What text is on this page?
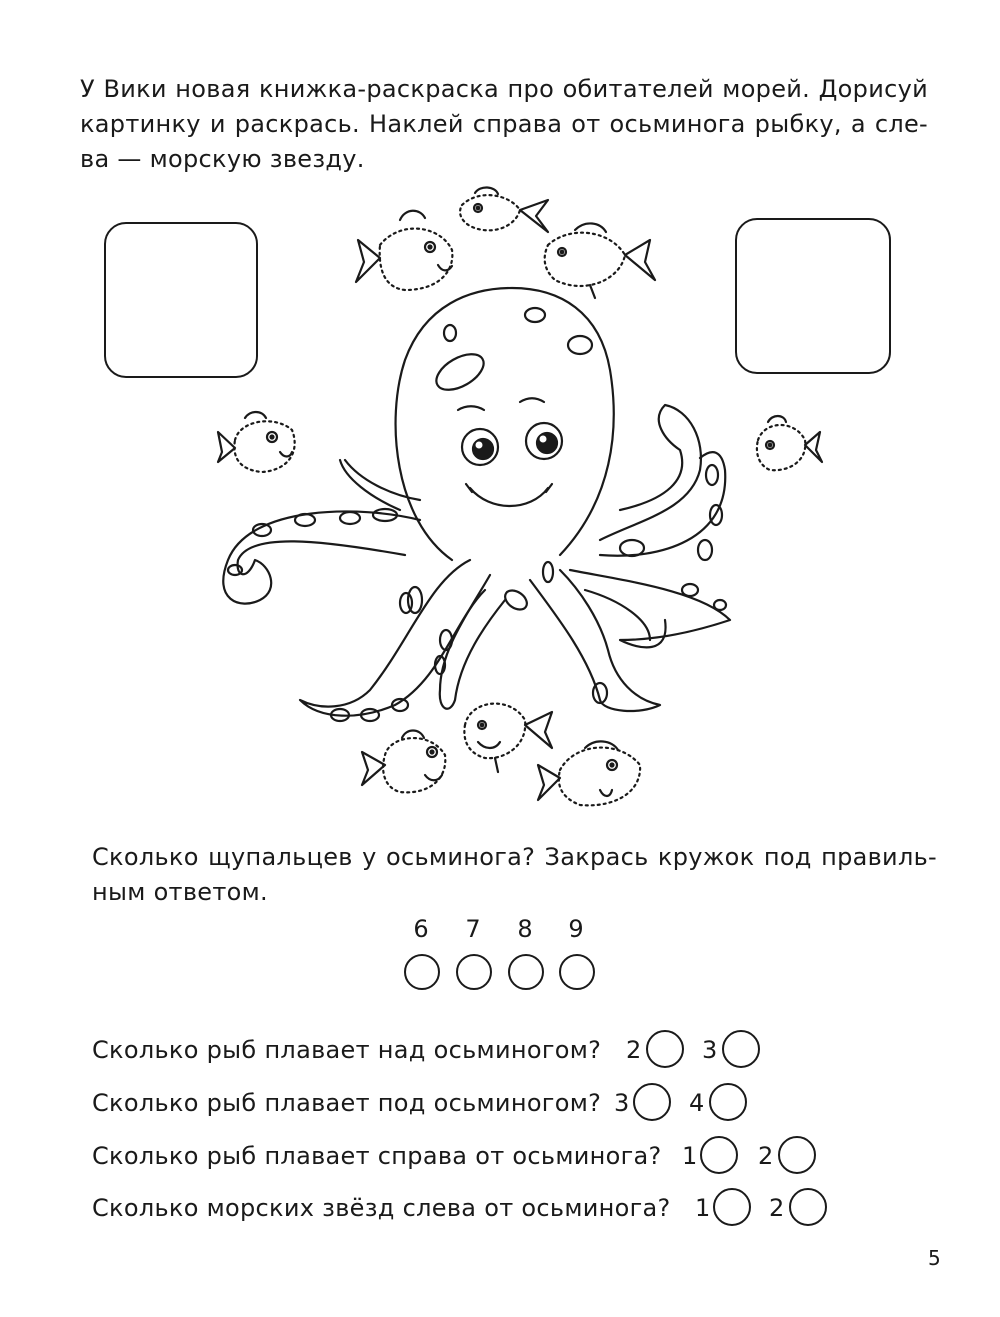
У Вики новая книжка-раскраска про обитателей морей. Дорисуй
картинку и раскрась. Наклей справа от осьминога рыбку, а сле-
ва — морскую звезду.

Сколько щупальцев у осьминога? Закрась кружок под правиль-
ным ответом.

6	7	8	9
Сколько рыб плавает над осьминогом? 2	3
Сколько рыб плавает под осьминогом? 3 4
Сколько рыб плавает справа от осьминога? 1	2
Сколько морских звёзд слева от осьминога? 1 2
5
